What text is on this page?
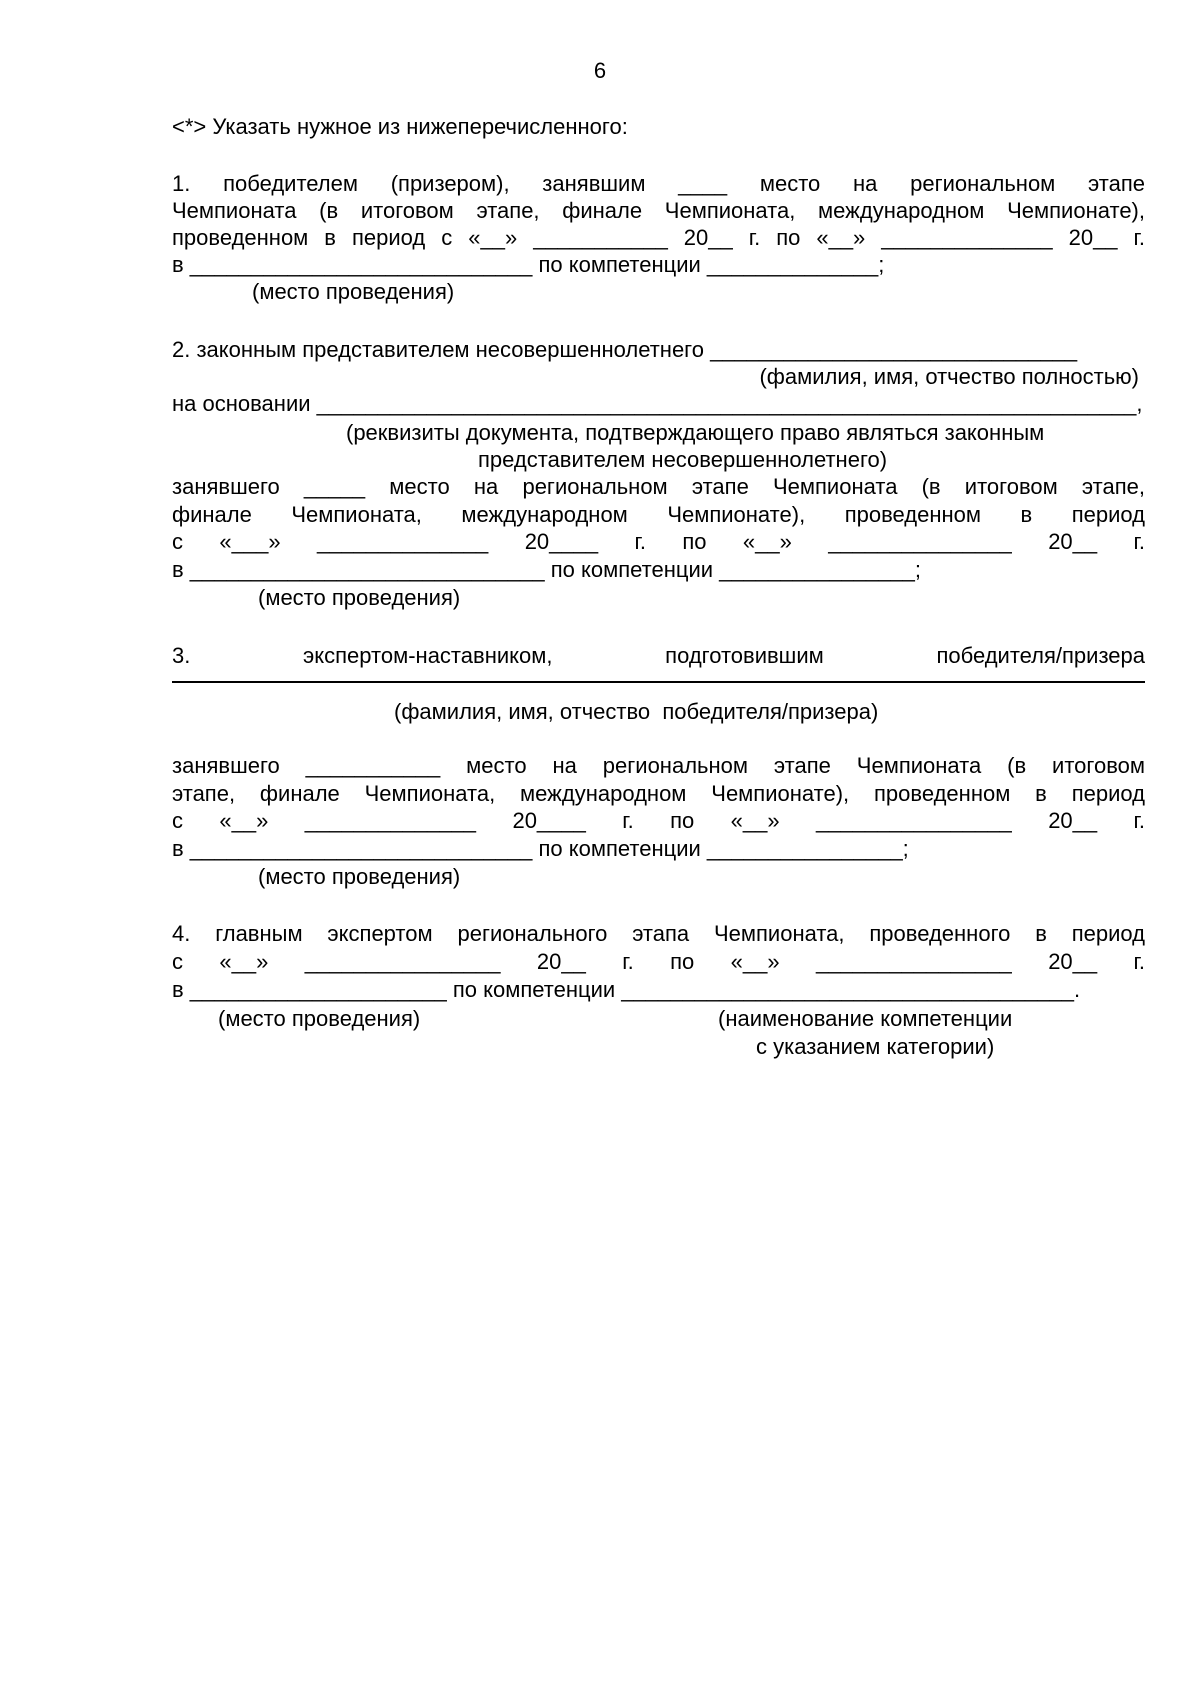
6
<*> Указать нужное из нижеперечисленного:
1. победителем (призером), занявшим ____ место на региональном этапе
Чемпионата (в итоговом этапе, финале Чемпионата, международном Чемпионате),
проведенном в период с «__» ___________ 20__ г. по «__» ______________ 20__ г.
в ____________________________ по компетенции ______________;
(место проведения)
2. законным представителем несовершеннолетнего ______________________________
(фамилия, имя, отчество полностью)
на основании ___________________________________________________________________,
(реквизиты документа, подтверждающего право являться законным
представителем несовершеннолетнего)
занявшего _____ место на региональном этапе Чемпионата (в итоговом этапе,
финале Чемпионата, международном Чемпионате), проведенном в период
с «___» ______________ 20____ г. по «__» _______________ 20__ г.
в _____________________________ по компетенции ________________;
(место проведения)
3. экспертом-наставником, подготовившим победителя/призера
(фамилия, имя, отчество  победителя/призера)
занявшего ___________ место на региональном этапе Чемпионата (в итоговом
этапе, финале Чемпионата, международном Чемпионате), проведенном в период
с «__» ______________ 20____ г. по «__» ________________ 20__ г.
в ____________________________ по компетенции ________________;
(место проведения)
4. главным экспертом регионального этапа Чемпионата, проведенного в период
с «__» ________________ 20__ г. по «__» ________________ 20__ г.
в _____________________ по компетенции _____________________________________.
(место проведения)	(наименование компетенции
с указанием категории)
